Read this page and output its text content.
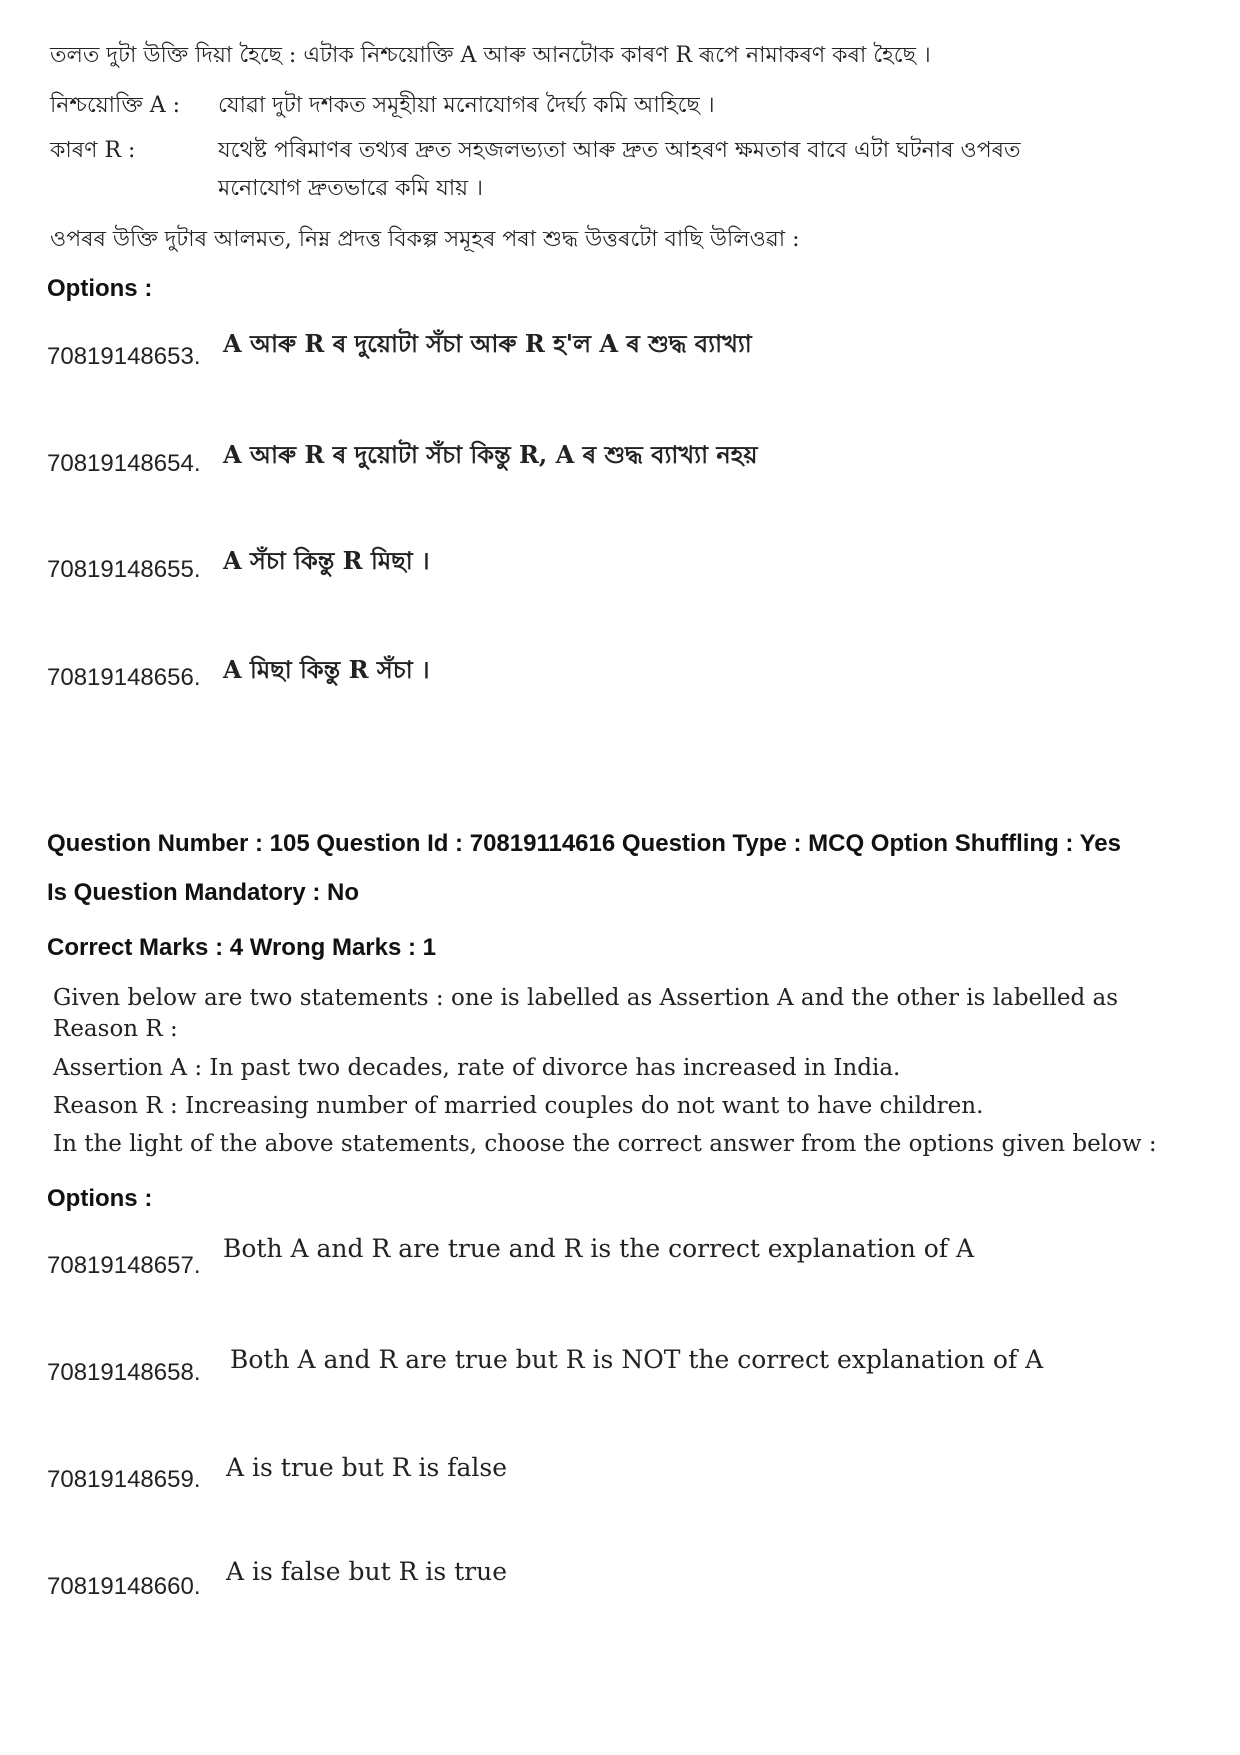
তলত দুটা উক্তি দিয়া হৈছে : এটাক নিশ্চয়োক্তি A আৰু আনটোক কাৰণ R ৰূপে নামাকৰণ কৰা হৈছে ।
নিশ্চয়োক্তি A : যোৱা দুটা দশকত সমূহীয়া মনোযোগৰ দৈৰ্ঘ্য কমি আহিছে ।
কাৰণ R :	যথেষ্ট পৰিমাণৰ তথ্যৰ দ্ৰুত সহজলভ্যতা আৰু দ্ৰুত আহৰণ ক্ষমতাৰ বাবে এটা ঘটনাৰ ওপৰত
মনোযোগ দ্ৰুতভাৱে কমি যায় ।
ওপৰৰ উক্তি দুটাৰ আলমত, নিম্ন প্ৰদত্ত বিকল্প সমূহৰ পৰা শুদ্ধ উত্তৰটো বাছি উলিওৱা :
Options :
70819148653. A আৰু R ৰ দুয়োটা সঁচা আৰু R হ'ল A ৰ শুদ্ধ ব্যাখ্যা
70819148654. A আৰু R ৰ দুয়োটা সঁচা কিন্তু R, A ৰ শুদ্ধ ব্যাখ্যা নহয়
70819148655. A সঁচা কিন্তু R মিছা ।
70819148656. A মিছা কিন্তু R সঁচা ।
Question Number : 105 Question Id : 70819114616 Question Type : MCQ Option Shuffling : Yes
Is Question Mandatory : No
Correct Marks : 4 Wrong Marks : 1
Given below are two statements : one is labelled as Assertion A and the other is labelled as
Reason R :
Assertion A : In past two decades, rate of divorce has increased in India.
Reason R : Increasing number of married couples do not want to have children.
In the light of the above statements, choose the correct answer from the options given below :
Options :
70819148657.
Both A and R are true and R is the correct explanation of A
70819148658. Both A and R are true but R is NOT the correct explanation of A
70819148659. A is true but R is false
70819148660.
A is false but R is true
